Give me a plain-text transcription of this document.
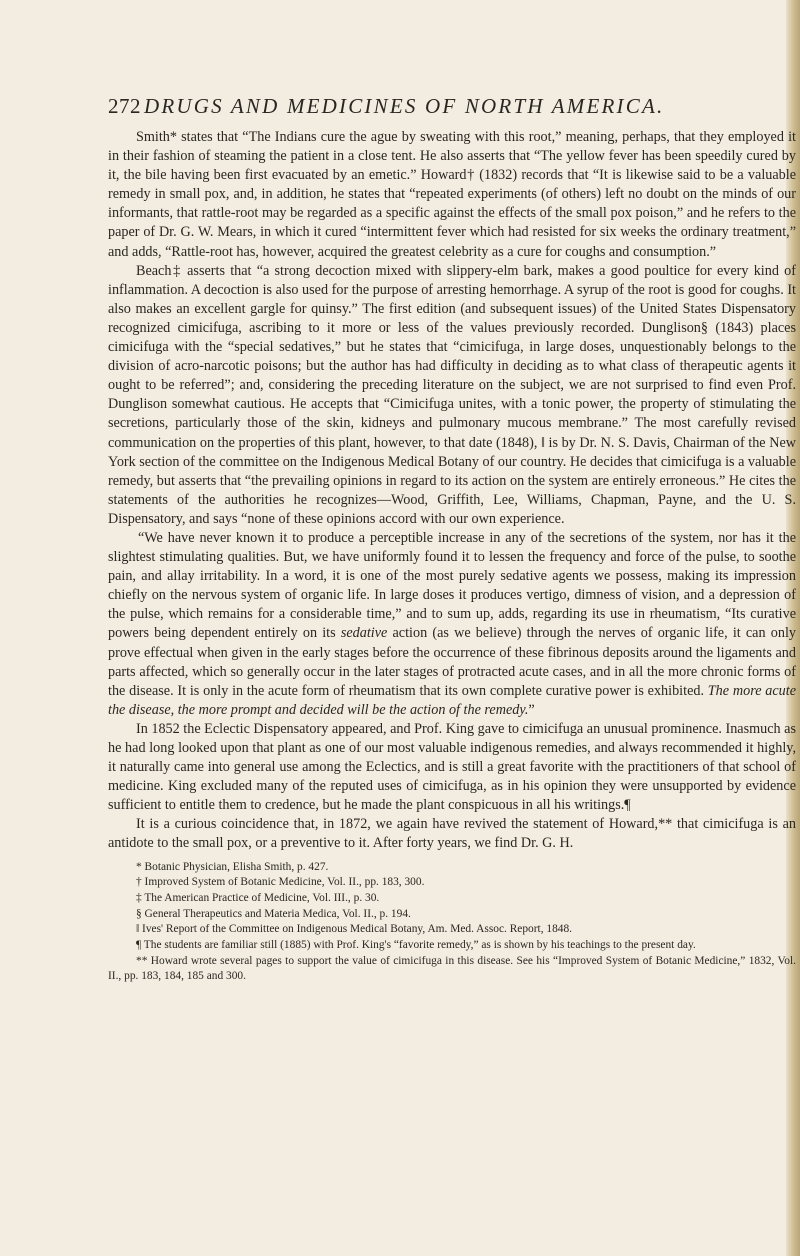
272 DRUGS AND MEDICINES OF NORTH AMERICA.

Smith* states that “The Indians cure the ague by sweating with this root,” meaning, perhaps, that they employed it in their fashion of steaming the patient in a close tent. He also asserts that “The yellow fever has been speedily cured by it, the bile having been first evacuated by an emetic.” Howard† (1832) records that “It is likewise said to be a valuable remedy in small pox, and, in addition, he states that “repeated experiments (of others) left no doubt on the minds of our informants, that rattle-root may be regarded as a specific against the effects of the small pox poison,” and he refers to the paper of Dr. G. W. Mears, in which it cured “intermittent fever which had resisted for six weeks the ordinary treatment,” and adds, “Rattle-root has, however, acquired the greatest celebrity as a cure for coughs and consumption.”

Beach‡ asserts that “a strong decoction mixed with slippery-elm bark, makes a good poultice for every kind of inflammation. A decoction is also used for the purpose of arresting hemorrhage. A syrup of the root is good for coughs. It also makes an excellent gargle for quinsy.” The first edition (and subsequent issues) of the United States Dispensatory recognized cimicifuga, ascribing to it more or less of the values previously recorded. Dunglison§ (1843) places cimicifuga with the “special sedatives,” but he states that “cimicifuga, in large doses, unquestionably belongs to the division of acro-narcotic poisons; but the author has had difficulty in deciding as to what class of therapeutic agents it ought to be referred”; and, considering the preceding literature on the subject, we are not surprised to find even Prof. Dunglison somewhat cautious. He accepts that “Cimicifuga unites, with a tonic power, the property of stimulating the secretions, particularly those of the skin, kidneys and pulmonary mucous membrane.” The most carefully revised communication on the properties of this plant, however, to that date (1848), ‖ is by Dr. N. S. Davis, Chairman of the New York section of the committee on the Indigenous Medical Botany of our country. He decides that cimicifuga is a valuable remedy, but asserts that “the prevailing opinions in regard to its action on the system are entirely erroneous.” He cites the statements of the authorities he recognizes—Wood, Griffith, Lee, Williams, Chapman, Payne, and the U. S. Dispensatory, and says “none of these opinions accord with our own experience.

“We have never known it to produce a perceptible increase in any of the secretions of the system, nor has it the slightest stimulating qualities. But, we have uniformly found it to lessen the frequency and force of the pulse, to soothe pain, and allay irritability. In a word, it is one of the most purely sedative agents we possess, making its impression chiefly on the nervous system of organic life. In large doses it produces vertigo, dimness of vision, and a depression of the pulse, which remains for a considerable time,” and to sum up, adds, regarding its use in rheumatism, “Its curative powers being dependent entirely on its sedative action (as we believe) through the nerves of organic life, it can only prove effectual when given in the early stages before the occurrence of these fibrinous deposits around the ligaments and parts affected, which so generally occur in the later stages of protracted acute cases, and in all the more chronic forms of the disease. It is only in the acute form of rheumatism that its own complete curative power is exhibited. The more acute the disease, the more prompt and decided will be the action of the remedy.”

In 1852 the Eclectic Dispensatory appeared, and Prof. King gave to cimicifuga an unusual prominence. Inasmuch as he had long looked upon that plant as one of our most valuable indigenous remedies, and always recommended it highly, it naturally came into general use among the Eclectics, and is still a great favorite with the practitioners of that school of medicine. King excluded many of the reputed uses of cimicifuga, as in his opinion they were unsupported by evidence sufficient to entitle them to credence, but he made the plant conspicuous in all his writings.¶

It is a curious coincidence that, in 1872, we again have revived the statement of Howard,** that cimicifuga is an antidote to the small pox, or a preventive to it. After forty years, we find Dr. G. H.

* Botanic Physician, Elisha Smith, p. 427.

† Improved System of Botanic Medicine, Vol. II., pp. 183, 300.

‡ The American Practice of Medicine, Vol. III., p. 30.

§ General Therapeutics and Materia Medica, Vol. II., p. 194.

‖ Ives' Report of the Committee on Indigenous Medical Botany, Am. Med. Assoc. Report, 1848.

¶ The students are familiar still (1885) with Prof. King's “favorite remedy,” as is shown by his teachings to the present day.

** Howard wrote several pages to support the value of cimicifuga in this disease. See his “Improved System of Botanic Medicine,” 1832, Vol. II., pp. 183, 184, 185 and 300.
